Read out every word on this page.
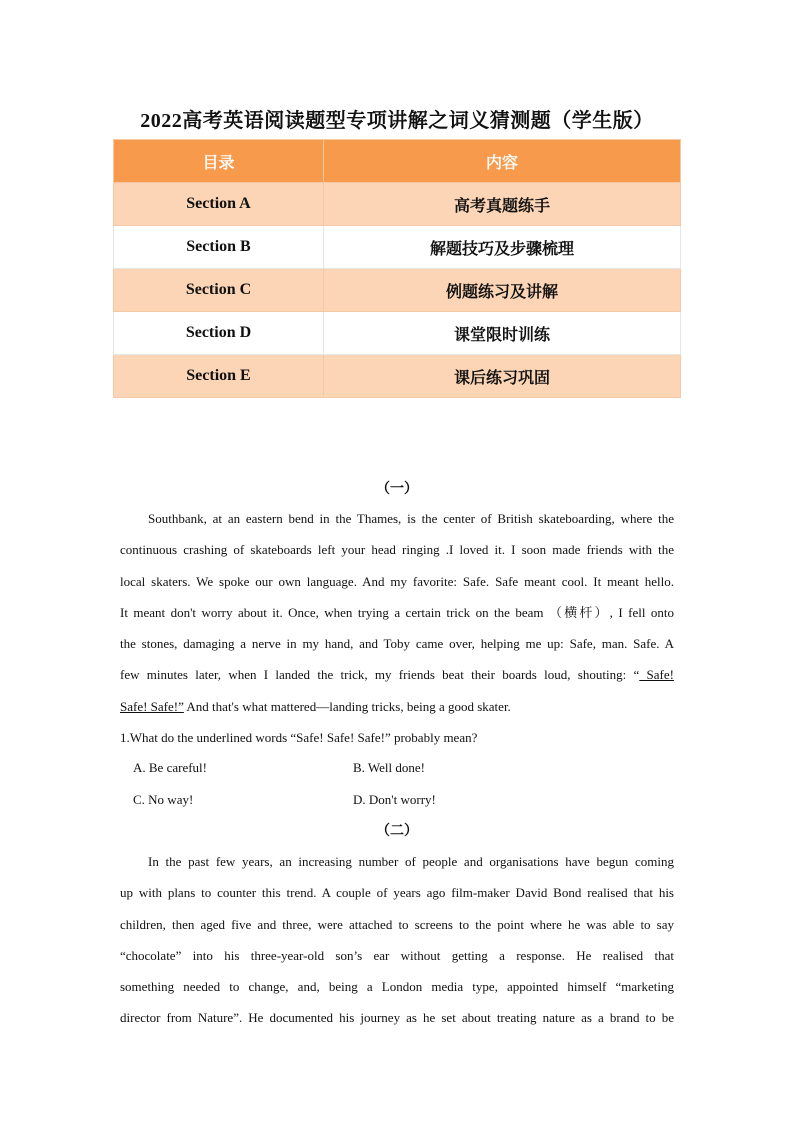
2022高考英语阅读题型专项讲解之词义猜测题（学生版）
目录	内容
Section A	高考真题练手
Section B	解题技巧及步骤梳理
Section C	例题练习及讲解
Section D	课堂限时训练
Section E	课后练习巩固
（一）
Southbank, at an eastern bend in the Thames, is the center of British skateboarding, where the
continuous crashing of skateboards left your head ringing .I loved it. I soon made friends with the
local skaters. We spoke our own language. And my favorite: Safe. Safe meant cool. It meant hello.
It meant don't worry about it. Once, when trying a certain trick on the beam （横杆）, I fell onto
the stones, damaging a nerve in my hand, and Toby came over, helping me up: Safe, man. Safe. A
few minutes later, when I landed the trick, my friends beat their boards loud, shouting: “ Safe!
Safe! Safe!” And that's what mattered—landing tricks, being a good skater.
1.What do the underlined words “Safe! Safe! Safe!” probably mean?
A. Be careful!	B. Well done!
C. No way!	D. Don't worry!
（二）
In the past few years, an increasing number of people and organisations have begun coming
up with plans to counter this trend. A couple of years ago film-maker David Bond realised that his
children, then aged five and three, were attached to screens to the point where he was able to say
“chocolate” into his three-year-old son’s ear without getting a response. He realised that
something needed to change, and, being a London media type, appointed himself “marketing
director from Nature”. He documented his journey as he set about treating nature as a brand to be
